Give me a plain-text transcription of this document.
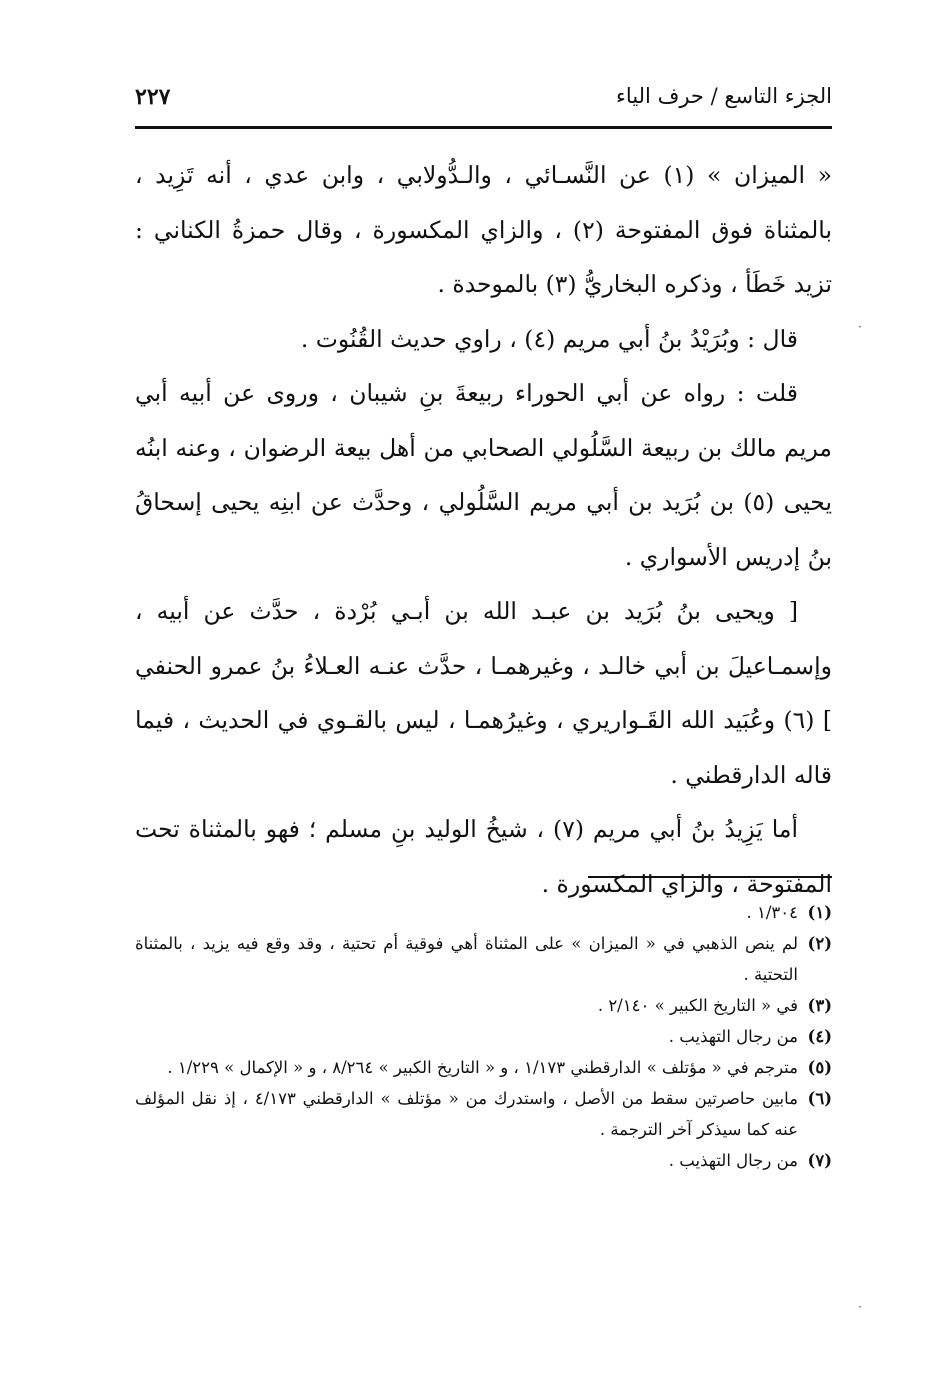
الجزء التاسع / حرف الياء
٢٢٧

« الميزان » (١) عن النَّسـائي ، والـدُّولابي ، وابن عدي ، أنه تَزِيد ، بالمثناة فوق المفتوحة (٢) ، والزاي المكسورة ، وقال حمزةُ الكناني : تزيد خَطَأ ، وذكره البخاريُّ (٣) بالموحدة .

قال : وبُرَيْدُ بنُ أبي مريم (٤) ، راوي حديث القُنُوت .

قلت : رواه عن أبي الحوراء ربيعةَ بنِ شيبان ، وروى عن أبيه أبي مريم مالك بن ربيعة السَّلُولي الصحابي من أهل بيعة الرضوان ، وعنه ابنُه يحيى (٥) بن بُرَيد بن أبي مريم السَّلُولي ، وحدَّث عن ابنِه يحيى إسحاقُ بنُ إدريس الأسواري .

[ ويحيى بنُ بُرَيد بن عبـد الله بن أبـي بُرْدة ، حدَّث عن أبيه ، وإسمـاعيلَ بن أبي خالـد ، وغيرهمـا ، حدَّث عنـه العـلاءُ بنُ عمرو الحنفي ] (٦) وعُبَيد الله القَـواريري ، وغيرُهمـا ، ليس بالقـوي في الحديث ، فيما قاله الدارقطني .

أما يَزِيدُ بنُ أبي مريم (٧) ، شيخُ الوليد بنِ مسلم ؛ فهو بالمثناة تحت المفتوحة ، والزاي المكسورة .

(١)
١/٣٠٤ .
(٢)
لم ينص الذهبي في « الميزان » على المثناة أهي فوقية أم تحتية ، وقد وقع فيه يزيد ، بالمثناة التحتية .
(٣)
في « التاريخ الكبير » ٢/١٤٠ .
(٤)
من رجال التهذيب .
(٥)
مترجم في « مؤتلف » الدارقطني ١/١٧٣ ، و « التاريخ الكبير » ٨/٢٦٤ ، و « الإكمال » ١/٢٢٩ .
(٦)
مابين حاصرتين سقط من الأصل ، واستدرك من « مؤتلف » الدارقطني ٤/١٧٣ ، إذ نقل المؤلف عنه كما سيذكر آخر الترجمة .
(٧)
من رجال التهذيب .
·
·
